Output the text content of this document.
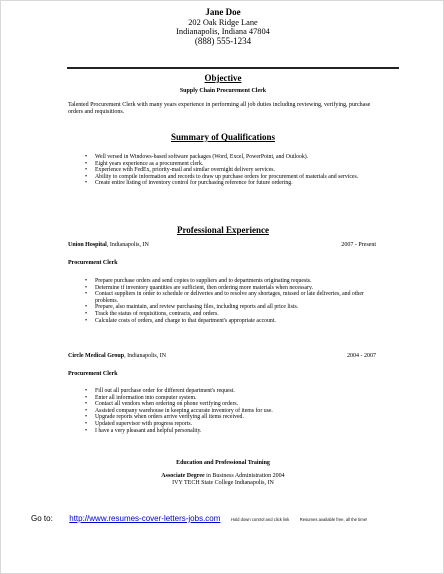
Jane Doe
202 Oak Ridge Lane
Indianapolis, Indiana 47804
(888) 555-1234
Objective
Supply Chain Procurement Clerk
Talented Procurement Clerk with many years experience in performing all job duties including reviewing, verifying, purchase orders and requisitions.
Summary of Qualifications
• Well versed in Windows-based software packages (Word, Excel, PowerPoint, and Outlook).
• Eight years experience as a procurement clerk.
• Experience with FedEx, priority-mail and similar overnight delivery services.
• Ability to compile information and records to draw up purchase orders for procurement of materials and services.
• Create entire listing of inventory control for purchasing reference for future ordering.
Professional Experience
Union Hospital, Indianapolis, IN	2007 - Present
Procurement Clerk
• Prepare purchase orders and send copies to suppliers and to departments originating requests.
• Determine if inventory quantities are sufficient, then ordering more materials when necessary.
• Contact suppliers in order to schedule or deliveries and to resolve any shortages, missed or late deliveries, and other problems.
• Prepare, also maintain, and review purchasing files, including reports and all price lists.
• Track the status of requisitions, contracts, and orders.
• Calculate costs of orders, and charge to that department's appropriate account.
Circle Medical Group, Indianapolis, IN	2004 - 2007
Procurement Clerk
• Fill out all purchase order for different department's request.
• Enter all information into computer system.
• Contact all vendors when ordering on phone verifying orders.
• Assisted company warehouse in keeping accurate inventory of items for use.
• Upgrade reports when orders arrive verifying all items received.
• Updated supervisor with progress reports.
• I have a very pleasant and helpful personality.
Education and Professional Training
Associate Degree in Business Administration 2004
IVY TECH State College Indianapolis, IN
Go to: http://www.resumes-cover-letters-jobs.com Hold down control and click link Resumes available free, all the time!
